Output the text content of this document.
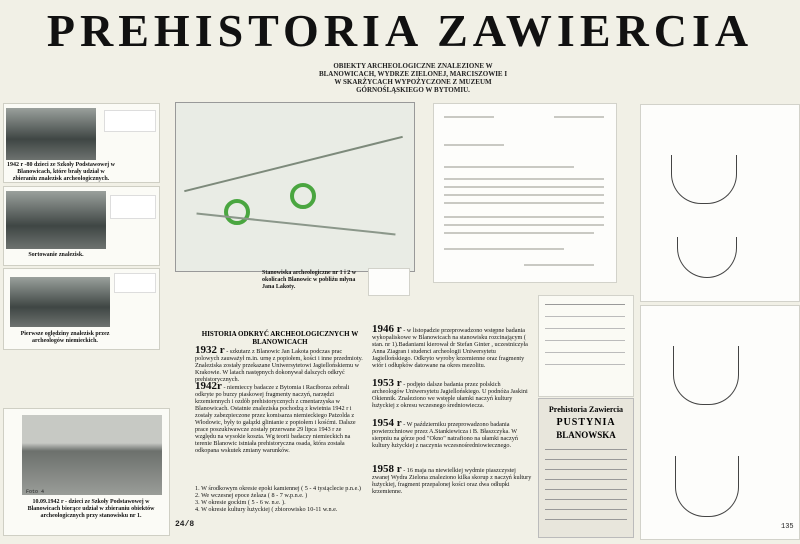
PREHISTORIA ZAWIERCIA
OBIEKTY ARCHEOLOGICZNE ZNALEZIONE W BLANOWICACH, WYDRZE ZIELONEJ, MARCISZOWIE I W SKARŻYCACH WYPOŻYCZONE Z MUZEUM GÓRNOŚLĄSKIEGO W BYTOMIU.
1942 r -80 dzieci ze Szkoły Podstawowej w Blanowicach, które brały udział w zbieraniu znalezisk archeologicznych.
Sortowanie znalezisk.
Pierwsze oględziny znalezisk przez archeologów niemieckich.
Foto 4
10.09.1942 r - dzieci ze Szkoły Podstawowej w Blanowicach biorące udział w zbieraniu obiektów archeologicznych przy stanowisku nr 1.
Stanowiska archeologiczne nr 1 i 2 w okolicach Blanowic w pobliżu młyna Jana Lakoty.
135
Prehistoria Zawiercia
PUSTYNIA
BLANOWSKA
HISTORIA ODKRYĆ ARCHEOLOGICZNYCH W BLANOWICACH
1932 r - szkutarz z Blanowic Jan Lakota podczas prac polowych zauważył m.in. urnę z popiołem, kości i inne przedmioty. Znaleziska zostały przekazane Uniwersytetowi Jagiellońskiemu w Krakowie. W latach następnych dokonywał dalszych odkryć prehistorycznych.
1942r - niemieccy badacze z Bytomia i Raciborza zebrali odkryte po burzy piaskowej fragmenty naczyń, narzędzi krzemiennych i ozdób prehistorycznych z cmentarzyska w Blanowicach. Ostatnie znaleziska pochodzą z kwietnia 1942 r i zostały zabezpieczone przez komisarza niemieckiego Patzolda z Włodowic, były to gałązki glinianie z popiołem i kośćmi. Dalsze prace poszukiwawcze zostały przerwane 29 lipca 1943 r ze względu na wysokie koszta. Wg teorii badaczy niemieckich na terenie Blanowic istniała prehistoryczna osada, która została odkopana wskutek zmiany warunków.
1. W środkowym okresie epoki kamiennej ( 5 - 4 tysiąclecie p.n.e.)
2. We wczesnej epoce żelaza ( 8 - 7 w.p.n.e. )
3. W okresie gockim ( 5 - 6 w. n.e. ).
4. W okresie kultury łużyckiej ( zbiorowisko 10-11 w.n.e.
1946 r - w listopadzie przeprowadzono wstępne badania wykopaliskowe w Blanowicach na stanowisku rozcinającym ( stan. nr 1).Badaniami kierował dr Stefan Ginter , uczestniczyła Anna Ziagran i studenci archeologii Uniwersytetu Jagiellońskiego. Odkryto wyroby krzemienne oraz fragmenty wiór i odłupków datowane na okres mezolitu.
1953 r - podjęto dalsze badania przez polskich archeologów Uniwersytetu Jagiellońskiego. U podnóża Jaskini Okiennik. Znaleziono we wstęple ułamki naczyń kultury łużyckiej z okresu wczesnego średniowiecza.
1954 r - W październiku przeprowadzono badania powierzchniowe przez A.Stankiewicza i B. Błaszczyka. W sierpniu na górze pod "Okno" natrafiono na ułamki naczyń kultury łużyckiej z naczynia wczesnośredniowiecznego.
1958 r - 16 maja na niewielkiej wydmie piaszczystej zwanej Wydra Zielona znaleziono kilka skorup z naczyń kultury łużyckiej, fragment przepalonej kości oraz dwa odłupki krzemienne.
24/8
